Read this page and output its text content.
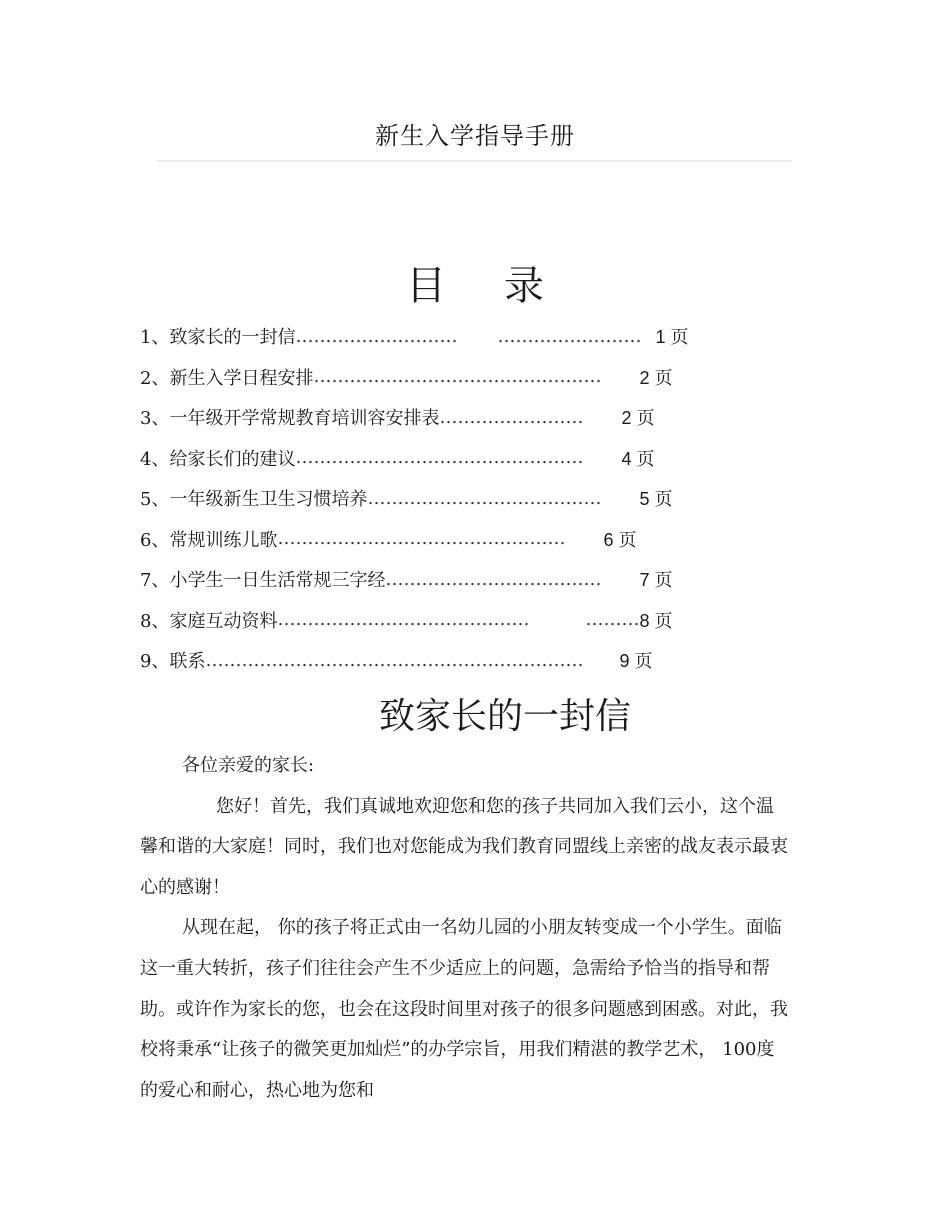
新生入学指导手册
目 录
1、致家长的一封信 ……………………… …………………… 1 页
2、新生入学日程安排 ………………………………………… 2 页
3、一年级开学常规教育培训容安排表 …………………… 2 页
4、给家长们的建议 ………………………………………… 4 页
5、一年级新生卫生习惯培养 ………………………………… 5 页
6、常规训练儿歌 ………………………………………… 6 页
7、小学生一日生活常规三字经 ……………………………… 7 页
8、家庭互动资料 ……………………………………	……… 8 页
9、联系 ……………………………………………………… 9 页
致家长的一封信

各位亲爱的家长:

您好！首先，我们真诚地欢迎您和您的孩子共同加入我们云小，这个温馨和谐的大家庭！同时，我们也对您能成为我们教育同盟线上亲密的战友表示最衷心的感谢！

从现在起， 你的孩子将正式由一名幼儿园的小朋友转变成一个小学生。面临这一重大转折，孩子们往往会产生不少适应上的问题，急需给予恰当的指导和帮助。或许作为家长的您，也会在这段时间里对孩子的很多问题感到困惑。对此，我校将秉承“让孩子的微笑更加灿烂”的办学宗旨，用我们精湛的教学艺术， 100度的爱心和耐心，热心地为您和
